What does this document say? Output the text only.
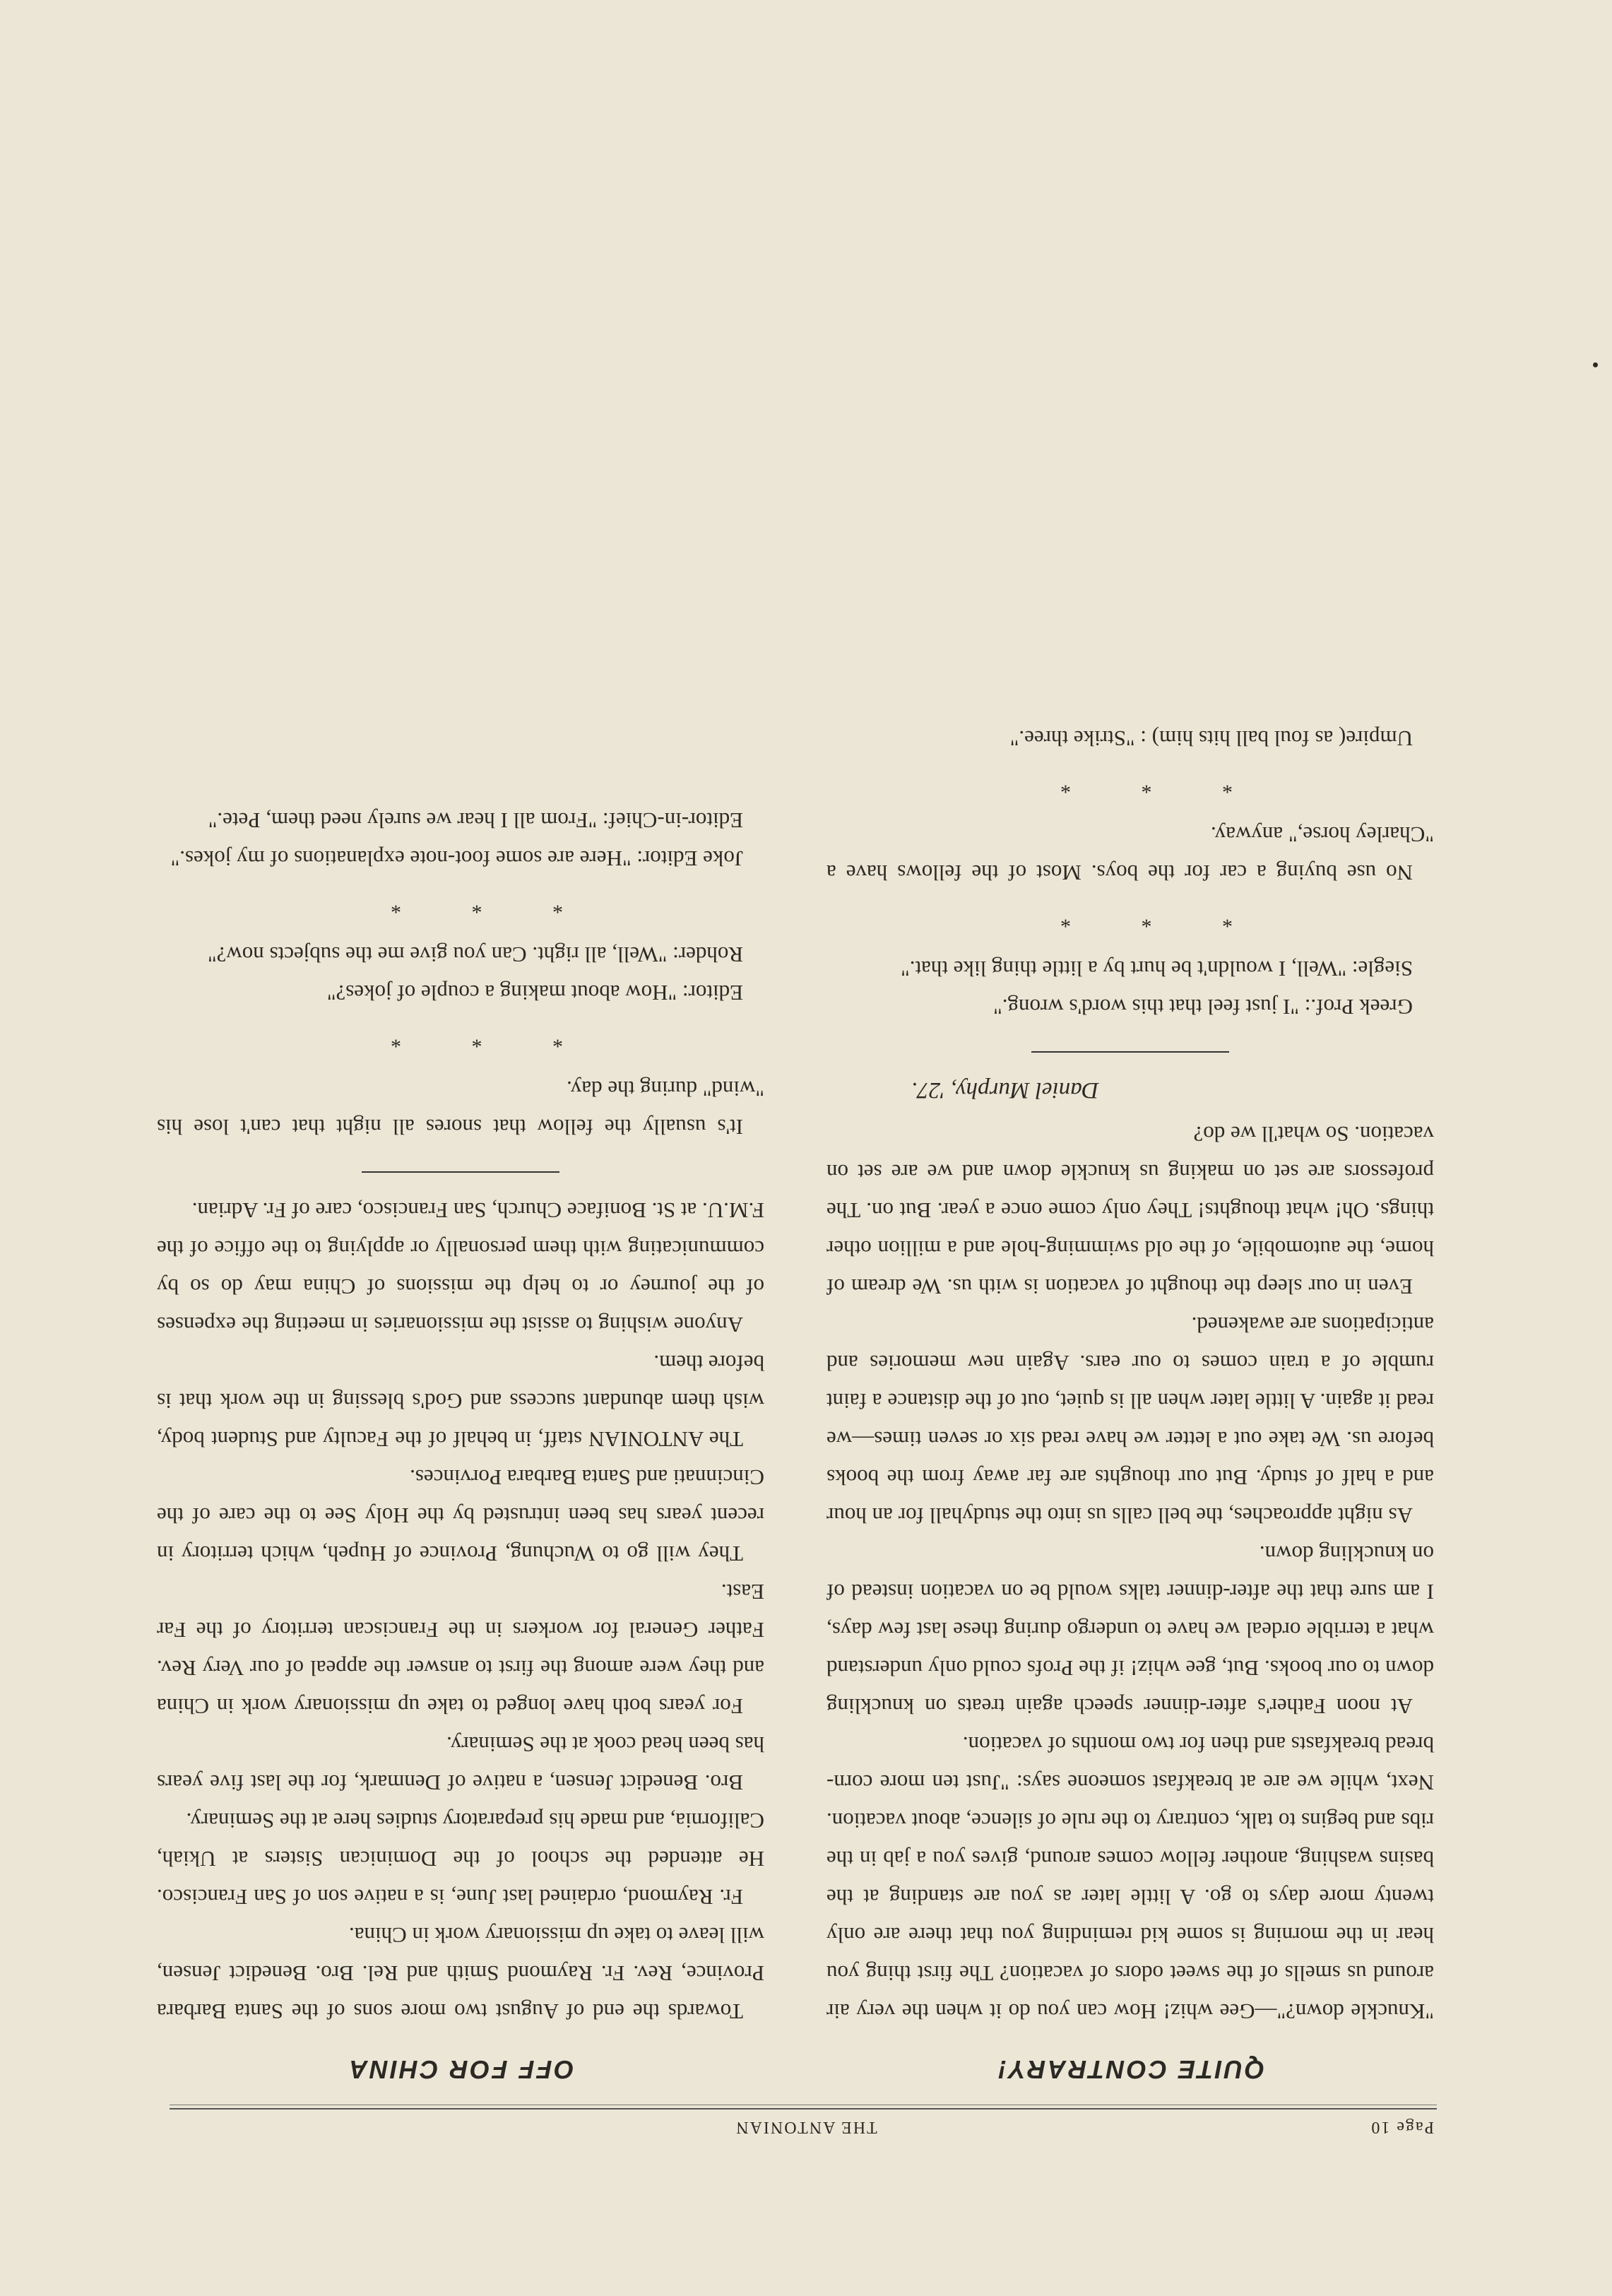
Page 10
THE ANTONIAN
QUITE CONTRARY!

"Knuckle down?"—Gee whiz! How can you do it when the very air around us smells of the sweet odors of vacation? The first thing you hear in the morning is some kid reminding you that there are only twenty more days to go. A little later as you are standing at the basins washing, another fellow comes around, gives you a jab in the ribs and begins to talk, contrary to the rule of silence, about vacation. Next, while we are at breakfast someone says: "Just ten more corn-bread breakfasts and then for two months of vacation.

At noon Father's after-dinner speech again treats on knuckling down to our books. But, gee whiz! if the Profs could only understand what a terrible ordeal we have to undergo during these last few days, I am sure that the after-dinner talks would be on vacation instead of on knuckling down.

As night approaches, the bell calls us into the studyhall for an hour and a half of study. But our thoughts are far away from the books before us. We take out a letter we have read six or seven times—we read it again. A little later when all is quiet, out of the distance a faint rumble of a train comes to our ears. Again new memories and anticipations are awakened.

Even in our sleep the thought of vacation is with us. We dream of home, the automobile, of the old swimming-hole and a million other things. Oh! what thoughts! They only come once a year. But on. The professors are set on making us knuckle down and we are set on vacation. So what'll we do?

Daniel Murphy, '27.

Greek Prof.: "I just feel that this word's wrong."

Siegle: "Well, I wouldn't be hurt by a little thing like that."

* * *

No use buying a car for the boys. Most of the fellows have a "Charley horse," anyway.

* * *

Umpire( as foul ball hits him) : "Strike three."

OFF FOR CHINA

Towards the end of August two more sons of the Santa Barbara Province, Rev. Fr. Raymond Smith and Rel. Bro. Benedict Jensen, will leave to take up missionary work in China.

Fr. Raymond, ordained last June, is a native son of San Francisco. He attended the school of the Dominican Sisters at Ukiah, California, and made his preparatory studies here at the Seminary.

Bro. Benedict Jensen, a native of Denmark, for the last five years has been head cook at the Seminary.

For years both have longed to take up missionary work in China and they were among the first to answer the appeal of our Very Rev. Father General for workers in the Franciscan territory of the Far East.

They will go to Wuchung, Province of Hupeh, which territory in recent years has been intrusted by the Holy See to the care of the Cincinnati and Santa Barbara Porvinces.

The ANTONIAN staff, in behalf of the Faculty and Student body, wish them abundant success and God's blessing in the work that is before them.

Anyone wishing to assist the missionaries in meeting the expenses of the journey or to help the missions of China may do so by communicating with them personally or applying to the office of the F.M.U. at St. Boniface Church, San Francisco, care of Fr. Adrian.

It's usually the fellow that snores all night that can't lose his "wind" during the day.

* * *

Editor: "How about making a couple of jokes?"

Rohder: "Well, all right. Can you give me the subjects now?"

* * *

Joke Editor: "Here are some foot-note explanations of my jokes."

Editor-in-Chief: "From all I hear we surely need them, Pete."
